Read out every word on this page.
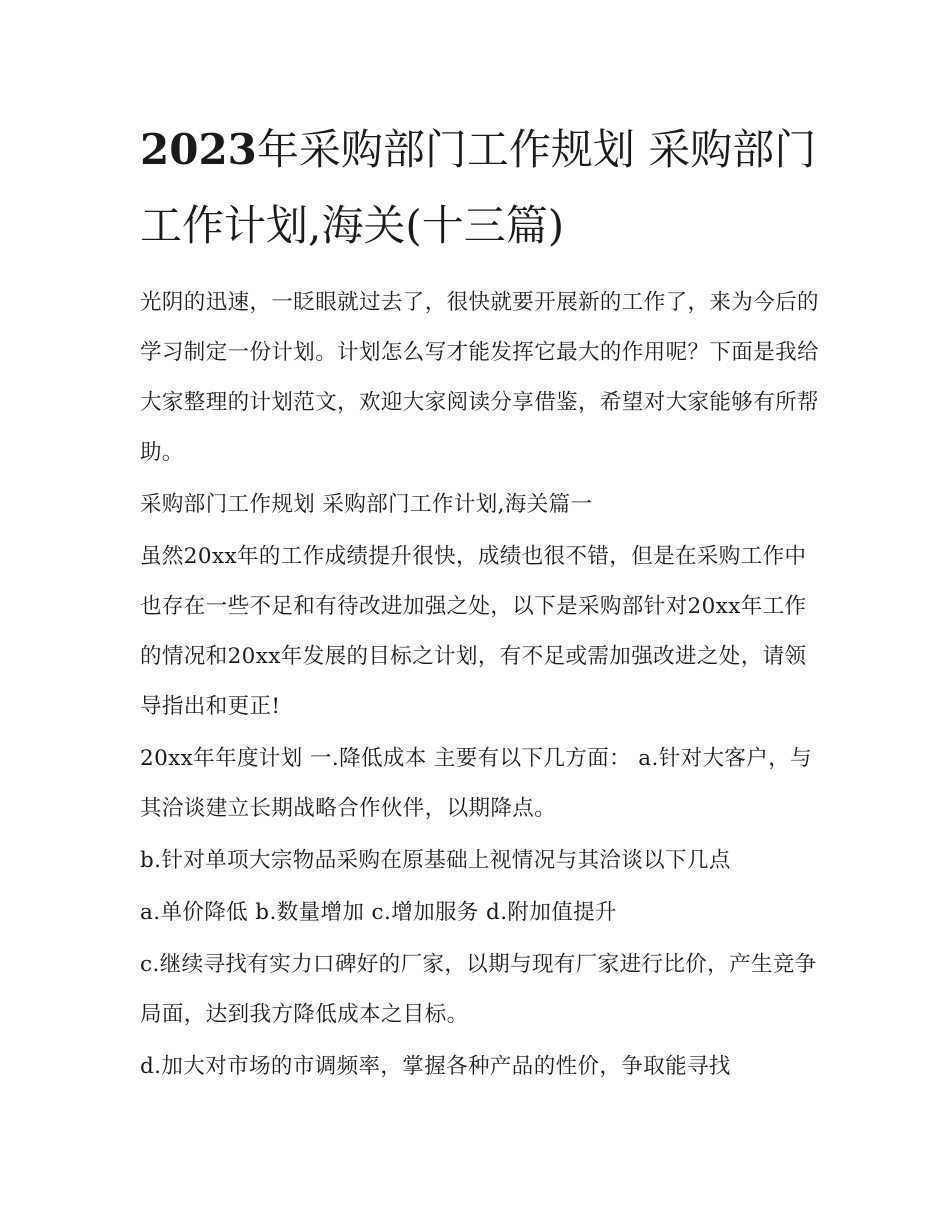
2023年采购部门工作规划 采购部门工作计划,海关(十三篇)

光阴的迅速，一眨眼就过去了，很快就要开展新的工作了，来为今后的学习制定一份计划。计划怎么写才能发挥它最大的作用呢？下面是我给大家整理的计划范文，欢迎大家阅读分享借鉴，希望对大家能够有所帮助。

采购部门工作规划 采购部门工作计划,海关篇一

虽然20xx年的工作成绩提升很快，成绩也很不错，但是在采购工作中也存在一些不足和有待改进加强之处，以下是采购部针对20xx年工作的情况和20xx年发展的目标之计划，有不足或需加强改进之处，请领导指出和更正!

20xx年年度计划 一.降低成本 主要有以下几方面： a.针对大客户，与其洽谈建立长期战略合作伙伴，以期降点。

b.针对单项大宗物品采购在原基础上视情况与其洽谈以下几点

a.单价降低 b.数量增加 c.增加服务 d.附加值提升

c.继续寻找有实力口碑好的厂家，以期与现有厂家进行比价，产生竞争局面，达到我方降低成本之目标。

d.加大对市场的市调频率，掌握各种产品的性价，争取能寻找
